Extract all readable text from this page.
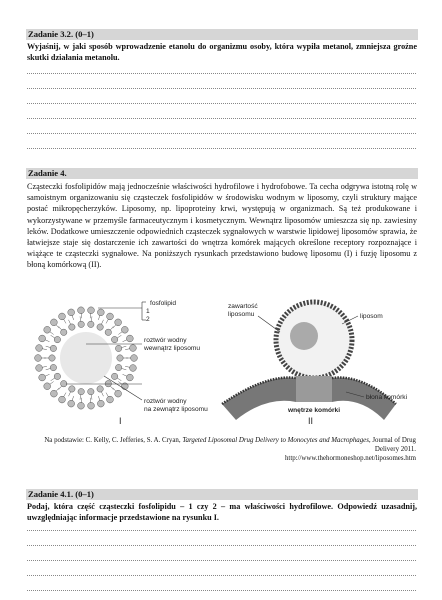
Zadanie 3.2. (0–1)
Wyjaśnij, w jaki sposób wprowadzenie etanolu do organizmu osoby, która wypiła metanol, zmniejsza groźne skutki działania metanolu.
Zadanie 4.
Cząsteczki fosfolipidów mają jednocześnie właściwości hydrofilowe i hydrofobowe. Ta cecha odgrywa istotną rolę w samoistnym organizowaniu się cząsteczek fosfolipidów w środowisku wodnym w liposomy, czyli struktury mające postać mikropęcherzyków. Liposomy, np. lipoproteiny krwi, występują w organizmach. Są też produkowane i wykorzystywane w przemyśle farmaceutycznym i kosmetycznym. Wewnątrz liposomów umieszcza się np. zawiesiny leków. Dodatkowe umieszczenie odpowiednich cząsteczek sygnałowych w warstwie lipidowej liposomów sprawia, że łatwiejsze staje się dostarczenie ich zawartości do wnętrza komórek mających określone receptory rozpoznające i wiążące te cząsteczki sygnałowe. Na poniższych rysunkach przedstawiono budowę liposomu (I) i fuzję liposomu z błoną komórkową (II).
fosfolipid
1
2
roztwór wodny
wewnątrz liposomu
roztwór wodny
na zewnątrz liposomu
I
zawartość
liposomu	liposom
błona komórki
wnętrze komórki
II
Na podstawie: C. Kelly, C. Jefferies, S. A. Cryan, Targeted Liposomal Drug Delivery to Monocytes and Macrophages, Journal of Drug Delivery 2011.
http://www.thehormoneshop.net/liposomes.htm
Zadanie 4.1. (0–1)
Podaj, która część cząsteczki fosfolipidu – 1 czy 2 – ma właściwości hydrofilowe. Odpowiedź uzasadnij, uwzględniając informacje przedstawione na rysunku I.
